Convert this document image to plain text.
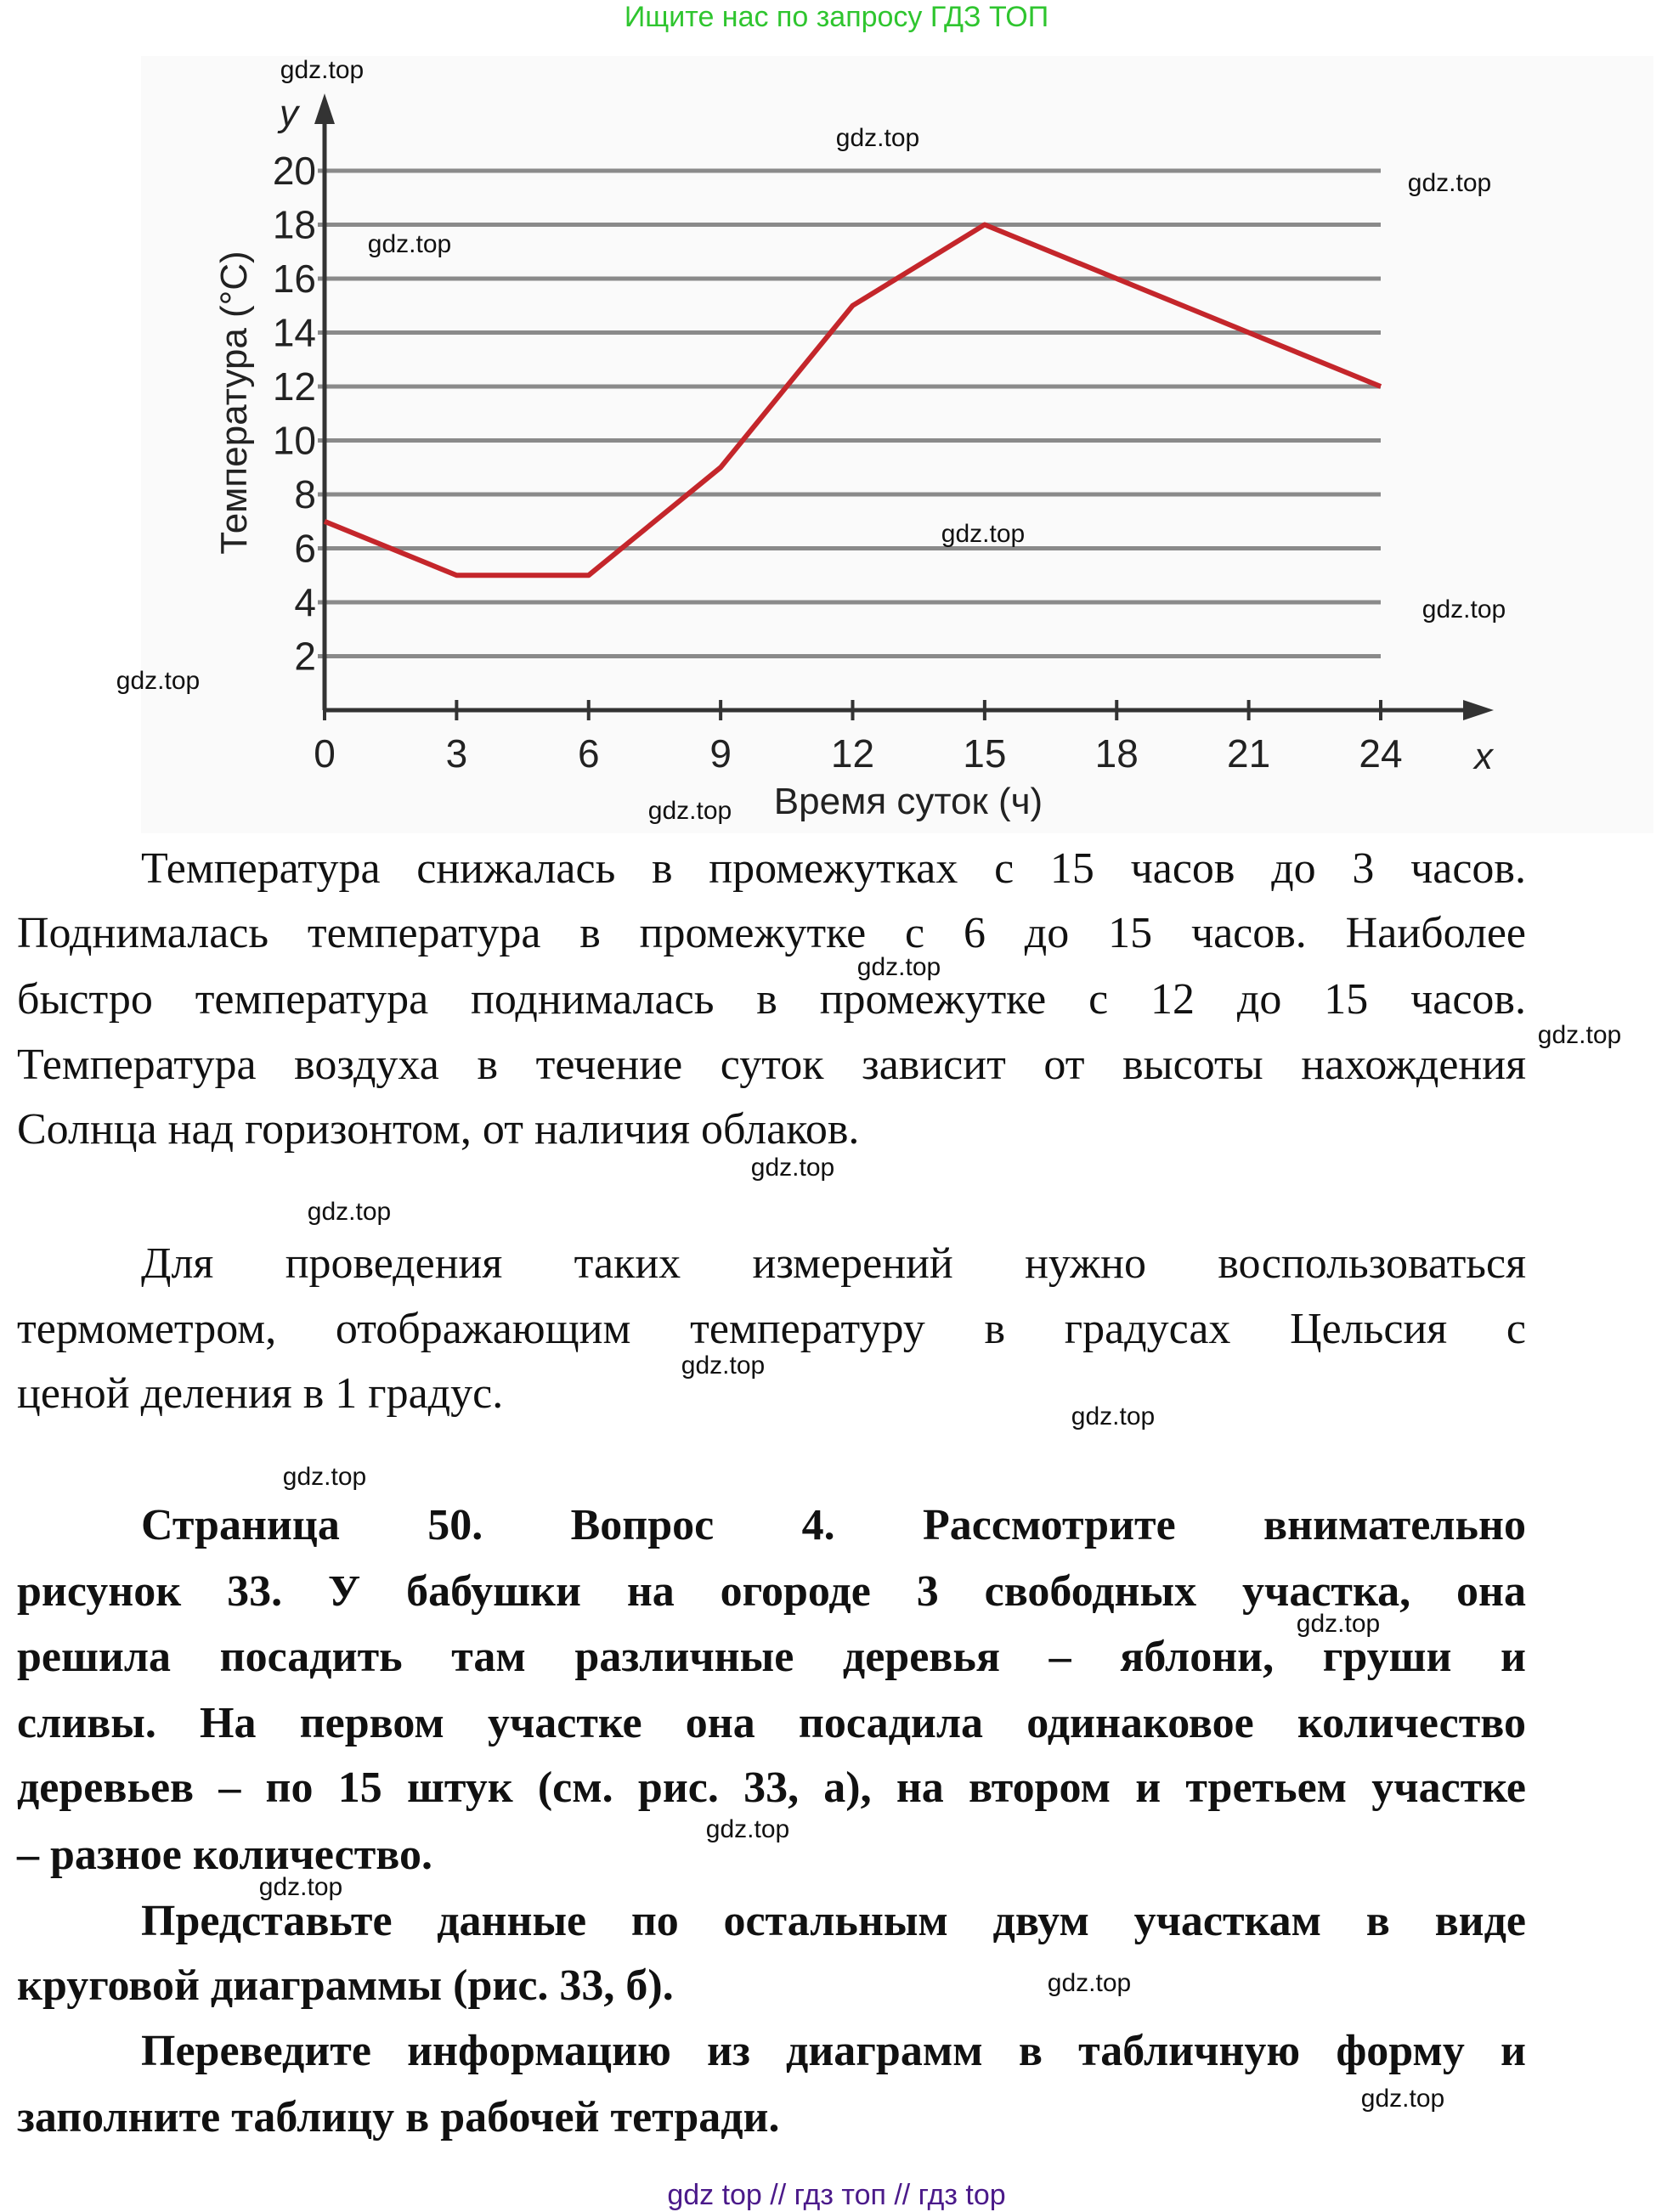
Ищите нас по запросу ГДЗ ТОП
2
4
6
8
10
12
14
16
18
20
0	3	6	9	12 15 18 21 24 x
y
Время суток (ч)
Температура (°С)
Температура снижалась в промежутках с 15 часов до 3 часов.
Поднималась температура в промежутке с 6 до 15 часов. Наиболее
быстро температура поднималась в промежутке с 12 до 15 часов.
Температура воздуха в течение суток зависит от высоты нахождения
Солнца над горизонтом, от наличия облаков.
Для проведения таких измерений нужно воспользоваться
термометром, отображающим температуру в градусах Цельсия с
ценой деления в 1 градус.
Страница 50. Вопрос 4. Рассмотрите внимательно
рисунок 33. У бабушки на огороде 3 свободных участка, она
решила посадить там различные деревья – яблони, груши и
сливы. На первом участке она посадила одинаковое количество
деревьев – по 15 штук (см. рис. 33, а), на втором и третьем участке
– разное количество.
Представьте данные по остальным двум участкам в виде
круговой диаграммы (рис. 33, б).
Переведите информацию из диаграмм в табличную форму и
заполните таблицу в рабочей тетради.
gdz.top
gdz.top
gdz.top
gdz.top
gdz.top
gdz.top
gdz.top
gdz.top
gdz.top
gdz.top
gdz.top
gdz.top
gdz.top
gdz.top
gdz.top
gdz.top
gdz.top
gdz.top
gdz.top
gdz.top
gdz top // гдз топ // гдз top
